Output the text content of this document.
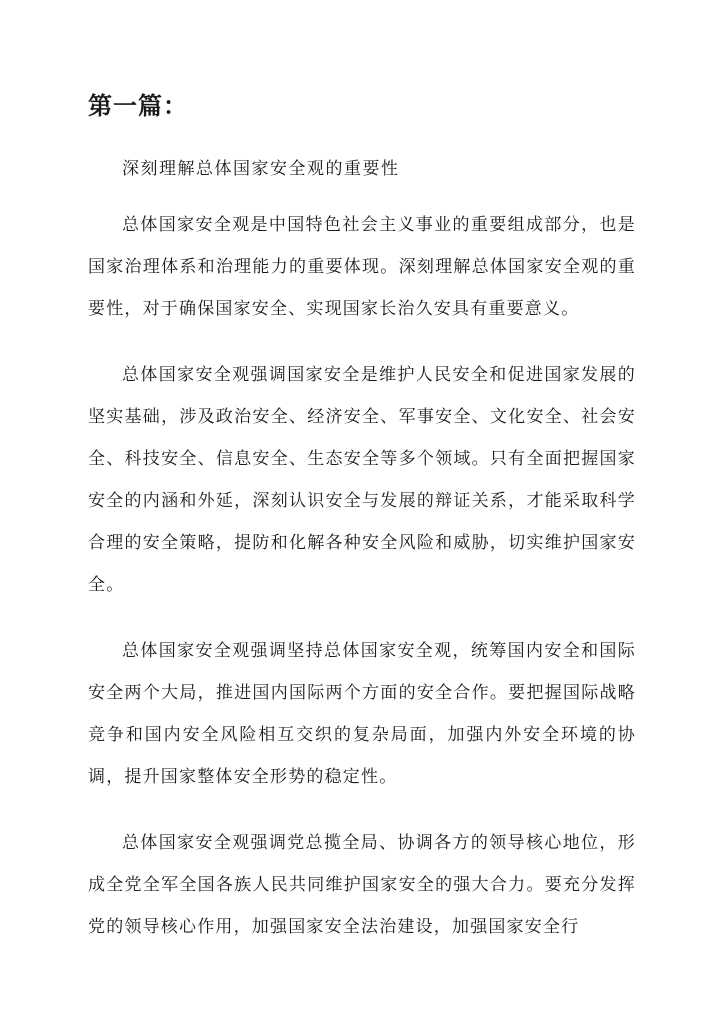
第一篇：

深刻理解总体国家安全观的重要性

总体国家安全观是中国特色社会主义事业的重要组成部分，也是国家治理体系和治理能力的重要体现。深刻理解总体国家安全观的重要性，对于确保国家安全、实现国家长治久安具有重要意义。

总体国家安全观强调国家安全是维护人民安全和促进国家发展的坚实基础，涉及政治安全、经济安全、军事安全、文化安全、社会安全、科技安全、信息安全、生态安全等多个领域。只有全面把握国家安全的内涵和外延，深刻认识安全与发展的辩证关系，才能采取科学合理的安全策略，提防和化解各种安全风险和威胁，切实维护国家安全。

总体国家安全观强调坚持总体国家安全观，统筹国内安全和国际安全两个大局，推进国内国际两个方面的安全合作。要把握国际战略竞争和国内安全风险相互交织的复杂局面，加强内外安全环境的协调，提升国家整体安全形势的稳定性。

总体国家安全观强调党总揽全局、协调各方的领导核心地位，形成全党全军全国各族人民共同维护国家安全的强大合力。要充分发挥党的领导核心作用，加强国家安全法治建设，加强国家安全行
